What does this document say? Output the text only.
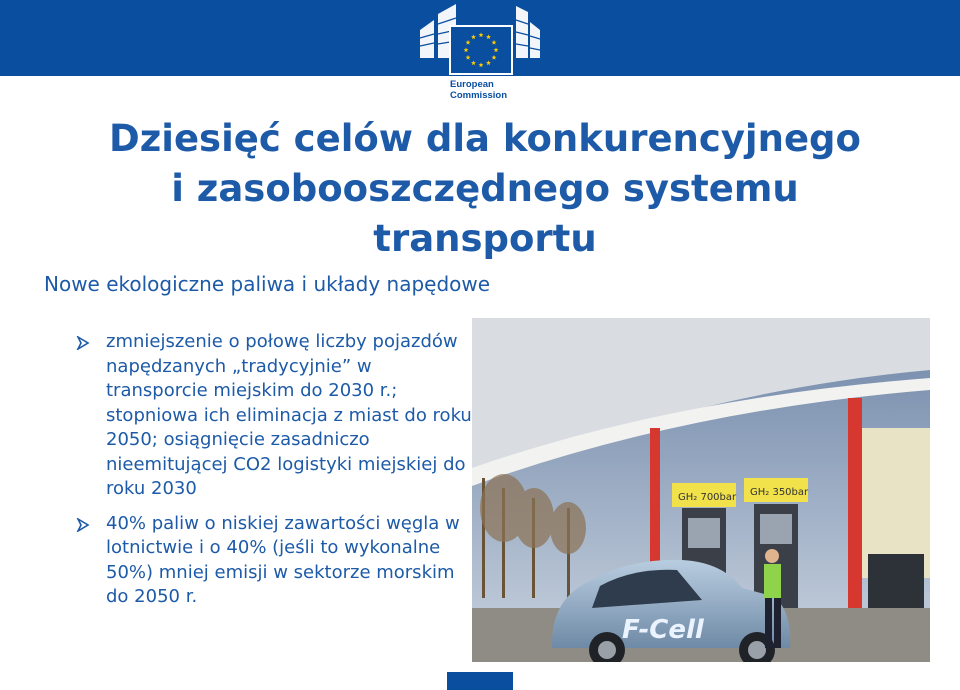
European
Commission
Dziesięć celów dla konkurencyjnego
i zasobooszczędnego systemu
transportu
Nowe ekologiczne paliwa i układy napędowe
zmniejszenie o połowę liczby pojazdów napędzanych „tradycyjnie” w transporcie miejskim do 2030 r.; stopniowa ich eliminacja z miast do roku 2050; osiągnięcie zasadniczo nieemitującej CO2 logistyki miejskiej do roku 2030
40% paliw o niskiej zawartości węgla w lotnictwie i o 40% (jeśli to wykonalne 50%) mniej emisji w sektorze morskim do 2050 r.
GH₂ 700bar GH₂ 350bar
F-Cell
